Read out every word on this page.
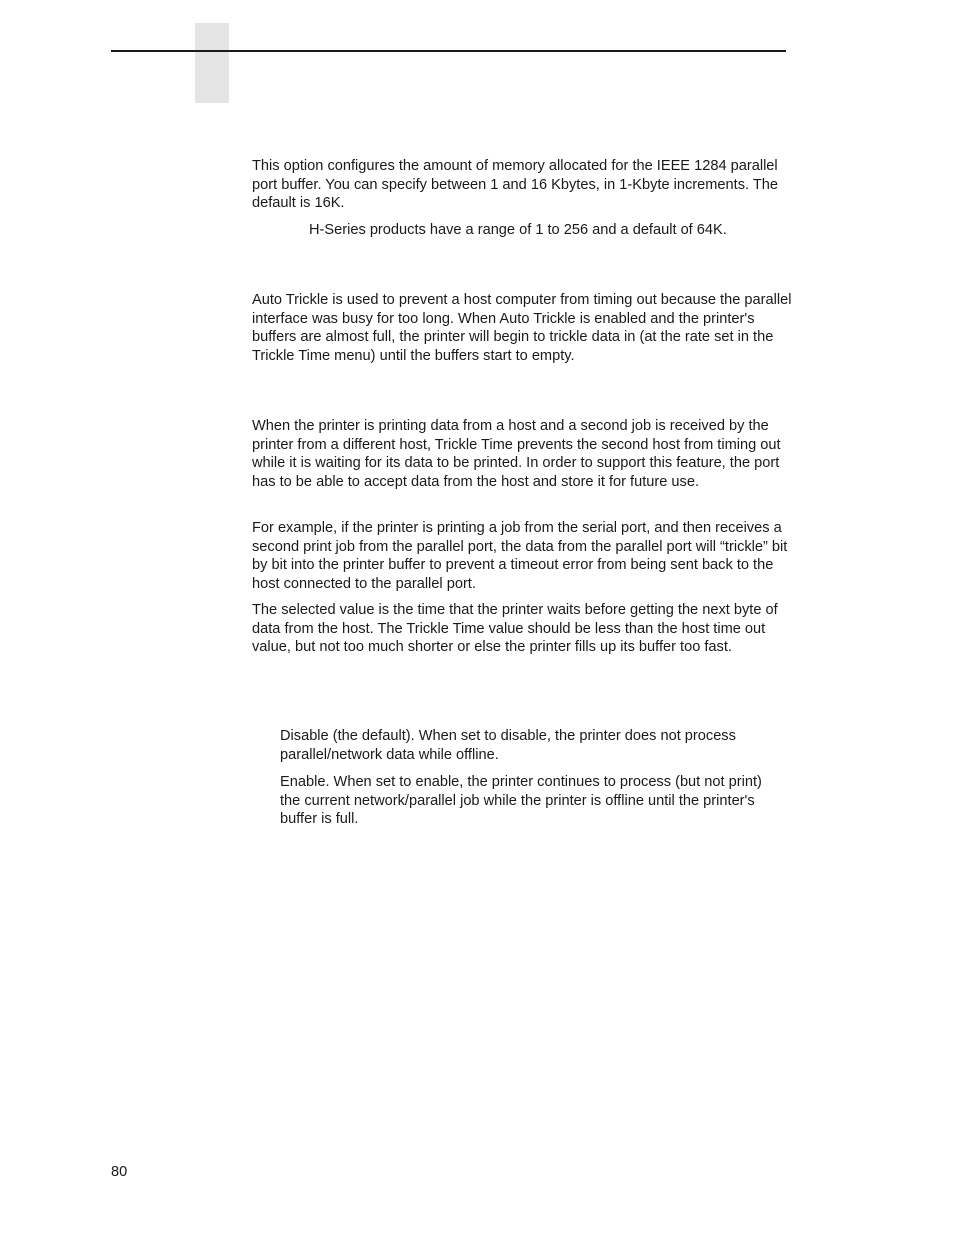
This option configures the amount of memory allocated for the IEEE 1284 parallel port buffer. You can specify between 1 and 16 Kbytes, in 1-Kbyte increments. The default is 16K.

H-Series products have a range of 1 to 256 and a default of 64K.

Auto Trickle is used to prevent a host computer from timing out because the parallel interface was busy for too long. When Auto Trickle is enabled and the printer's buffers are almost full, the printer will begin to trickle data in (at the rate set in the Trickle Time menu) until the buffers start to empty.

When the printer is printing data from a host and a second job is received by the printer from a different host, Trickle Time prevents the second host from timing out while it is waiting for its data to be printed. In order to support this feature, the port has to be able to accept data from the host and store it for future use.

For example, if the printer is printing a job from the serial port, and then receives a second print job from the parallel port, the data from the parallel port will “trickle” bit by bit into the printer buffer to prevent a timeout error from being sent back to the host connected to the parallel port.

The selected value is the time that the printer waits before getting the next byte of data from the host. The Trickle Time value should be less than the host time out value, but not too much shorter or else the printer fills up its buffer too fast.

Disable (the default). When set to disable, the printer does not process parallel/network data while offline.

Enable. When set to enable, the printer continues to process (but not print) the current network/parallel job while the printer is offline until the printer's buffer is full.

80
